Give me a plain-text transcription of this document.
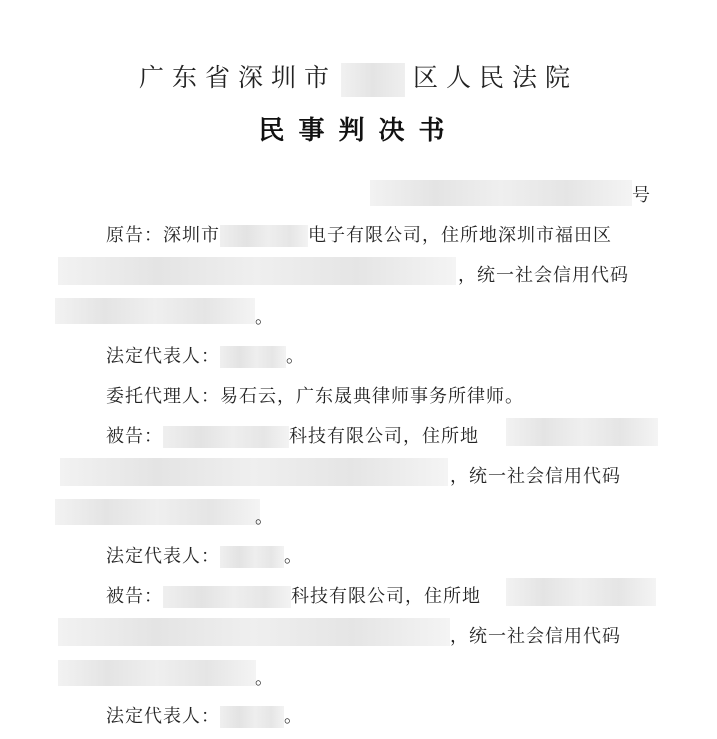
广东省深圳市	区人民法院
民事判决书
号
原告：深圳市	电子有限公司，住所地深圳市福田区
，统一社会信用代码
。
法定代表人：	。
委托代理人：易石云，广东晟典律师事务所律师。
被告：	科技有限公司，住所地
，统一社会信用代码
。
法定代表人：	。
被告：	科技有限公司，住所地
，统一社会信用代码
。
法定代表人：	。
